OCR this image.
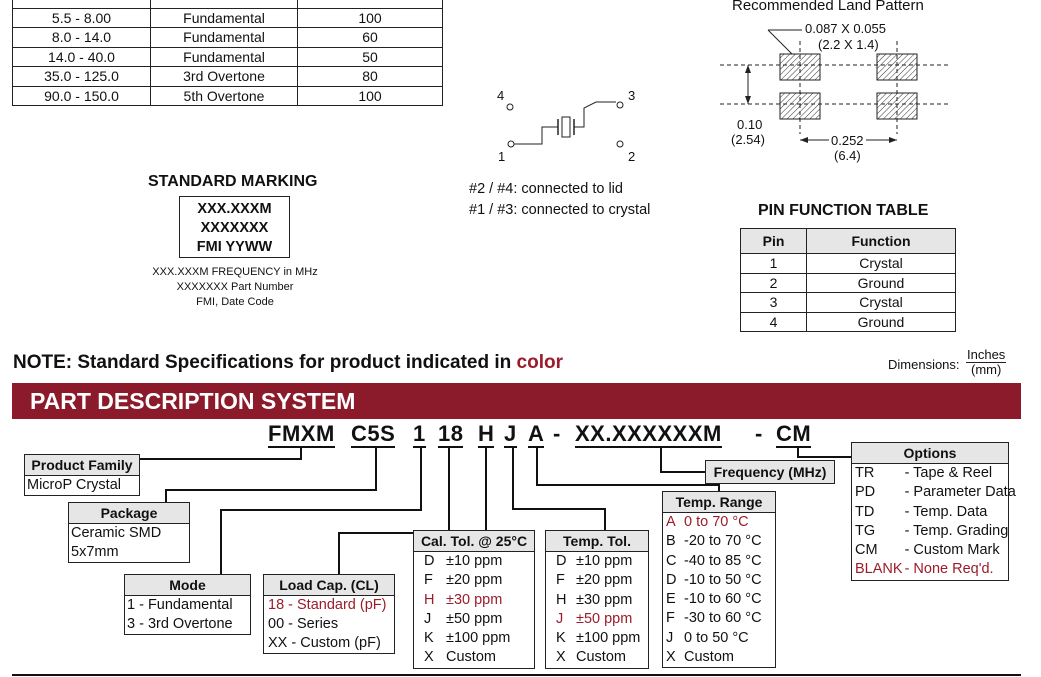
5.5 - 8.00	Fundamental	100
8.0 - 14.0	Fundamental	60
14.0 - 40.0	Fundamental	50
35.0 - 125.0	3rd Overtone	80
90.0 - 150.0	5th Overtone	100
Recommended Land Pattern
0.087 X 0.055
(2.2 X 1.4)
0.10
(2.54)	0.252
(6.4)
4	3
1	2
#2 / #4: connected to lid
#1 / #3: connected to crystal
STANDARD MARKING
XXX.XXXM
XXXXXXX
FMI YYWW
XXX.XXXM FREQUENCY in MHz
XXXXXXX Part Number
FMI, Date Code
PIN FUNCTION TABLE
Pin	Function
1	Crystal
2	Ground
3	Crystal
4	Ground
NOTE: Standard Specifications for product indicated in color	Dimensions:
Inches
(mm)
PART DESCRIPTION SYSTEM
FMXM C5S 1 18 H J A - XX.XXXXXXM - CM
Product Family
MicroP Crystal
Package
Ceramic SMD
5x7mm
Mode
1 - Fundamental
3 - 3rd Overtone
Load Cap. (CL)
18 - Standard (pF)
00 - Series
XX - Custom (pF)
Cal. Tol. @ 25°C
D	±10 ppm
F	±20 ppm
H	±30 ppm
J	±50 ppm
K	±100 ppm
X	Custom
Temp. Tol.
D	±10 ppm
F	±20 ppm
H	±30 ppm
J	±50 ppm
K	±100 ppm
X	Custom
Temp. Range
A	0 to 70 °C
B	-20 to 70 °C
C	-40 to 85 °C
D	-10 to 50 °C
E	-10 to 60 °C
F	-30 to 60 °C
J	0 to 50 °C
X	Custom
Frequency (MHz)
Options
TR	- Tape & Reel
PD	- Parameter Data
TD	- Temp. Data
TG	- Temp. Grading
CM	- Custom Mark
BLANK	- None Req'd.
